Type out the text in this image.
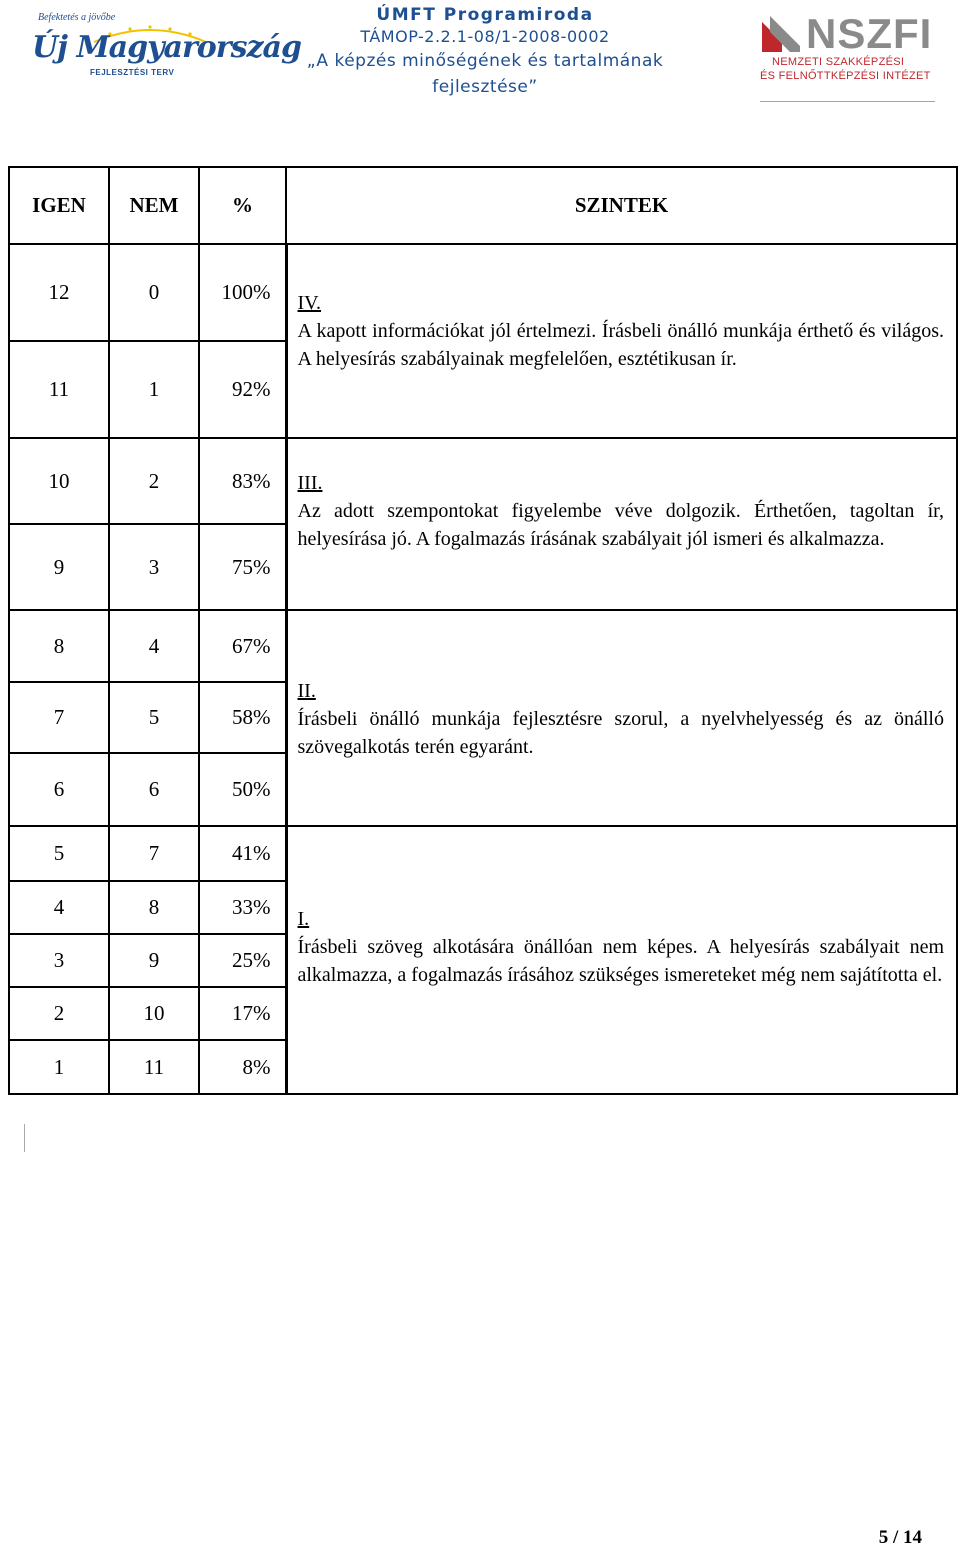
Befektetés a jövőbe
Új Magyarország
FEJLESZTÉSI TERV
ÚMFT Programiroda
TÁMOP-2.2.1-08/1-2008-0002
„A képzés minőségének és tartalmának fejlesztése”
NSZFI
NEMZETI SZAKKÉPZÉSI
ÉS FELNŐTTKÉPZÉSI INTÉZET
IGEN	NEM	%	SZINTEK
12	0	100%	IV.
A kapott információkat jól értelmezi. Írásbeli önálló munkája érthető és világos. A helyesírás szabályainak megfelelően, esztétikusan ír.
11	1	92%	
10	2	83%	III.
Az adott szempontokat figyelembe véve dolgozik. Érthetően, tagoltan ír, helyesírása jó. A fogalmazás írásának szabályait jól ismeri és alkalmazza.
9	3	75%	
8	4	67%	II.
Írásbeli önálló munkája fejlesztésre szorul, a nyelvhelyesség és az önálló szövegalkotás terén egyaránt.
7	5	58%	
6	6	50%	
5	7	41%	I.
Írásbeli szöveg alkotására önállóan nem képes. A helyesírás szabályait nem alkalmazza, a fogalmazás írásához szükséges ismereteket még nem sajátította el.
4	8	33%	
3	9	25%	
2	10	17%	
1	11	8%	
5 / 14
